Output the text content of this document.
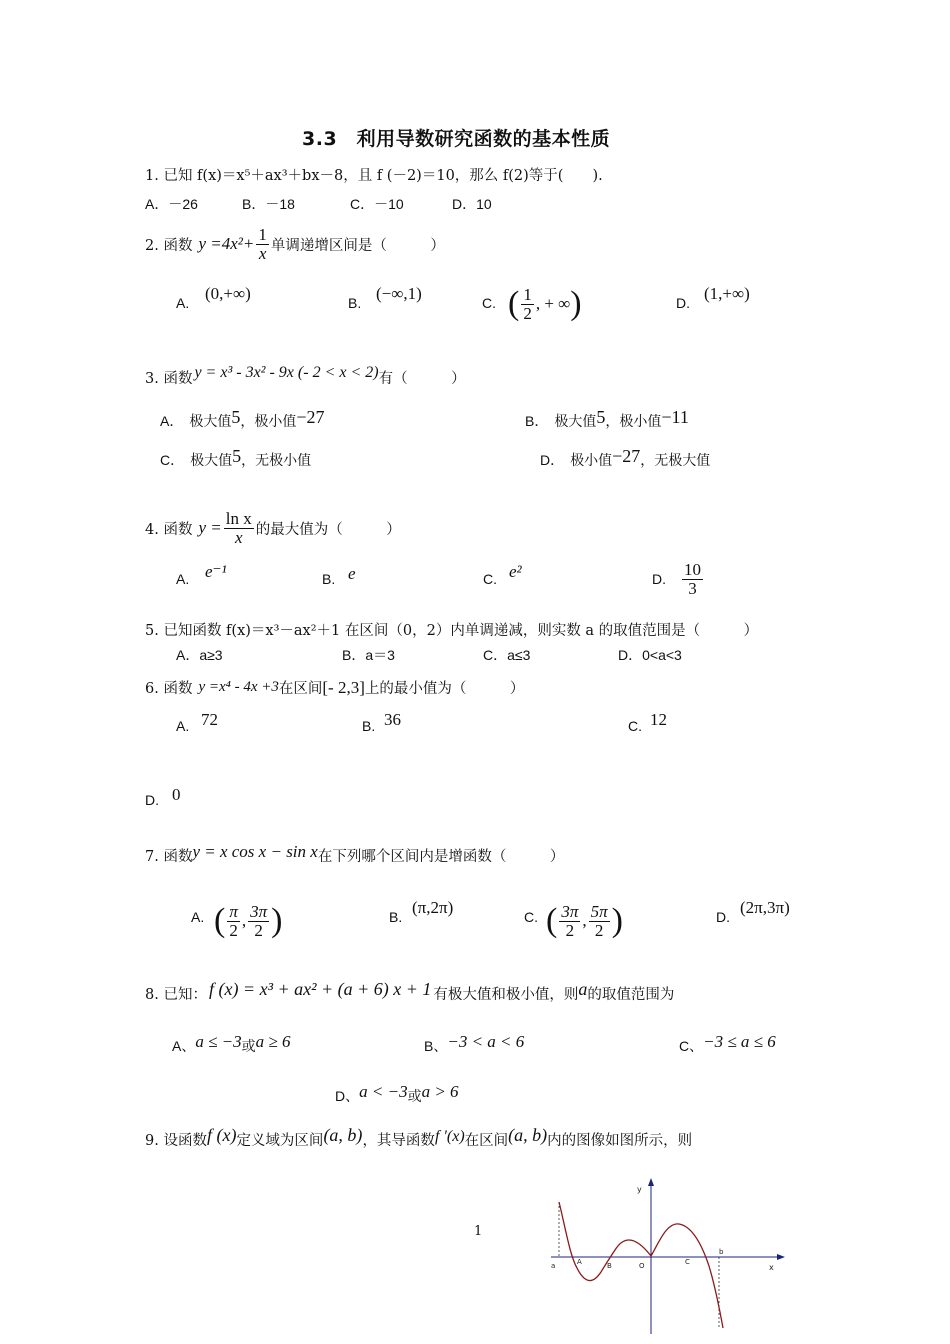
3.3　利用导数研究函数的基本性质
1. 已知 f(x)＝x⁵＋ax³＋bx－8，且 f (－2)＝10，那么 f(2)等于(　　).
A．－26	B．－18	C．－10	D．10
2. 函数 $y =4x^2+ \frac{1}{x}$ 单调递增区间是（　　　）
A. (0,+∞)	B. (−∞,1)	C. ( $\frac{1}{2}$ , + ∞ )	D. (1,+∞)
3. 函数 y = x³ - 3x² - 9x (- 2 < x < 2) 有（　　　）
A． 极大值 5 ，极小值 −27	B． 极大值 5 ，极小值 −11
C． 极大值 5 ，无极小值	D． 极小值 −27 ，无极大值
4. 函数 $y = \frac{\text{ln x}}{x}$ 的最大值为（　　　）
A. e⁻¹	B. e	C. e²	D. $\frac{10}{3}$
5. 已知函数 f(x)＝x³－ax²＋1 在区间（0，2）内单调递减，则实数 a 的取值范围是（　　　）
A．a≥3	B．a＝3	C．a≤3	D．0<a<3
6. 函数 y =x⁴ - 4x +3 在区间 [- 2,3] 上的最小值为（　　　）
A. 72	B. 36	C. 12
D. 0
7. 函数 y = x cos x − sin x 在下列哪个区间内是增函数（　　　）
A. ( $\frac{\pi}{2}$ , $\frac{3\pi}{2}$ )	B. (π,2π)	C. ( $\frac{3\pi}{2}$ , $\frac{5\pi}{2}$ )	D. (2π,3π)
8. 已知： f (x) = x³ + ax² + (a + 6) x + 1 有极大值和极小值，则 a 的取值范围为
A、 a ≤ −3 或 a ≥ 6	B、 −3 < a < 6	C、 −3 ≤ a ≤ 6
D、 a < −3 或 a > 6
9. 设函数 f (x) 定义域为区间 (a, b) ，其导函数 f ′(x) 在区间 (a, b) 内的图像如图所示，则
1
y
x
a	A	B	O	C
b
